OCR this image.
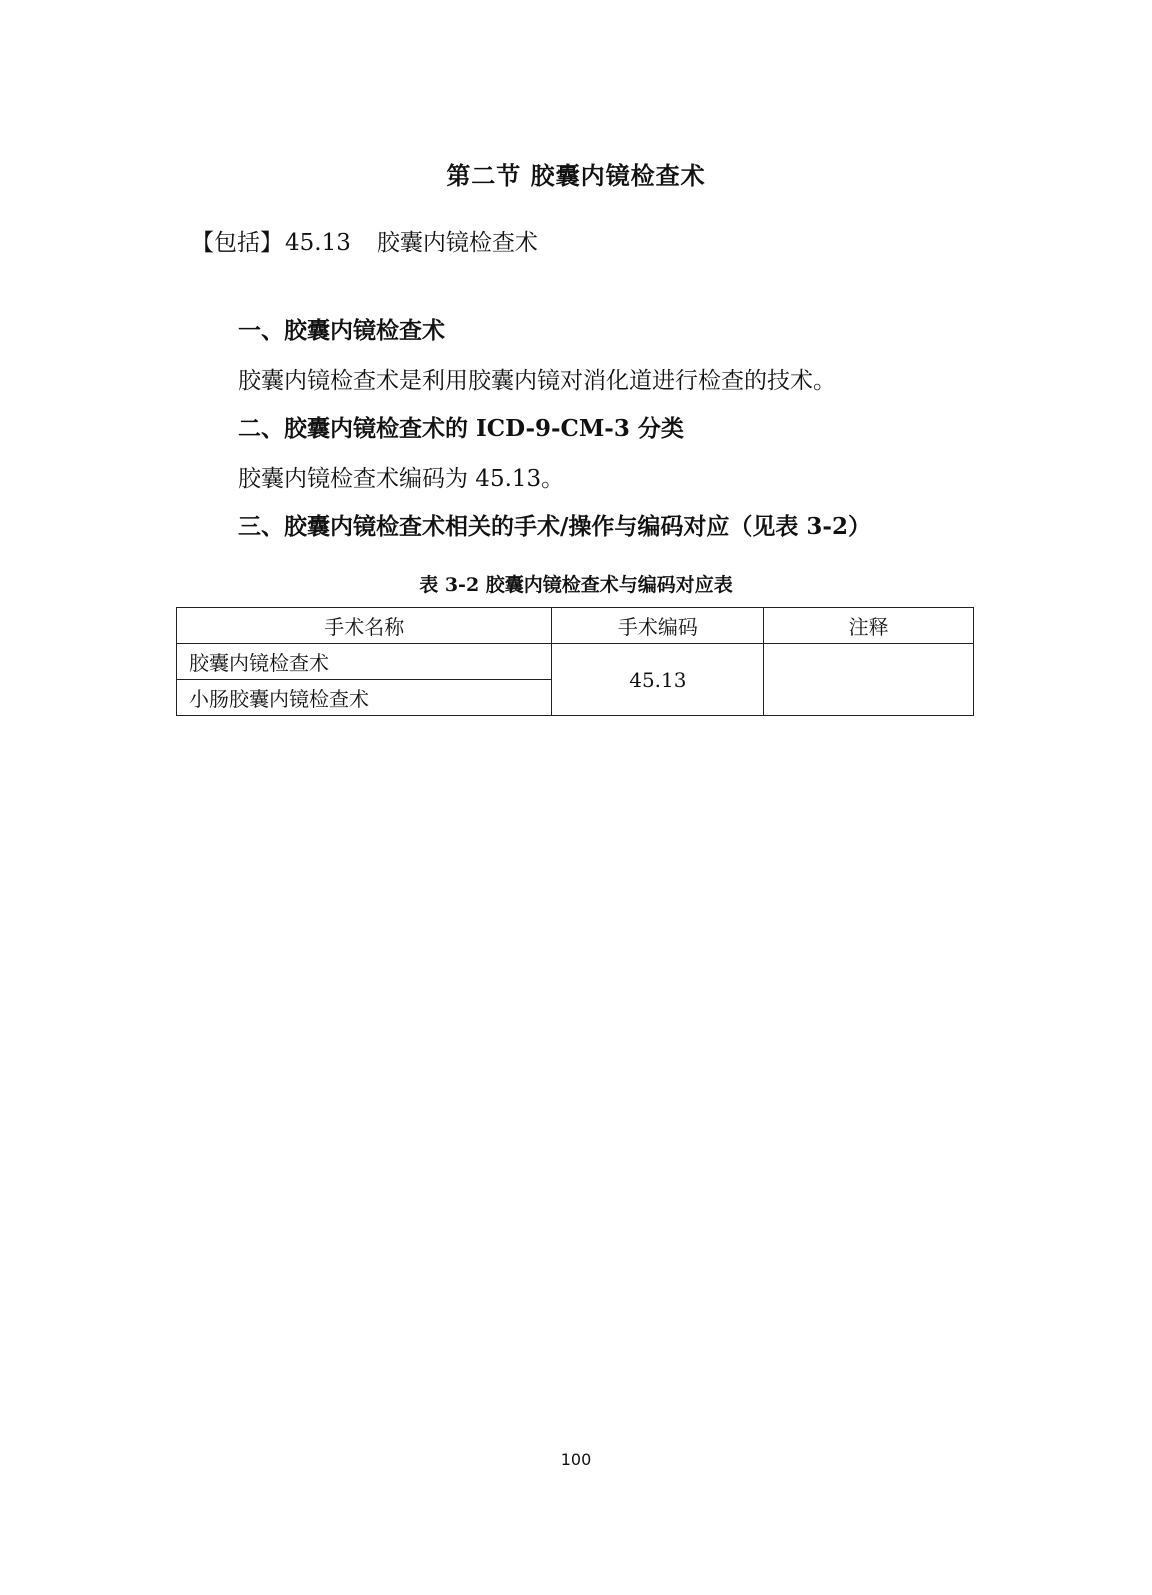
第二节 胶囊内镜检查术
【包括】45.13 胶囊内镜检查术
一、胶囊内镜检查术
胶囊内镜检查术是利用胶囊内镜对消化道进行检查的技术。
二、胶囊内镜检查术的 ICD-9-CM-3 分类
胶囊内镜检查术编码为 45.13。
三、胶囊内镜检查术相关的手术/操作与编码对应（见表 3-2）
表 3-2 胶囊内镜检查术与编码对应表
手术名称	手术编码	注释
胶囊内镜检查术	45.13	
小肠胶囊内镜检查术		
100
